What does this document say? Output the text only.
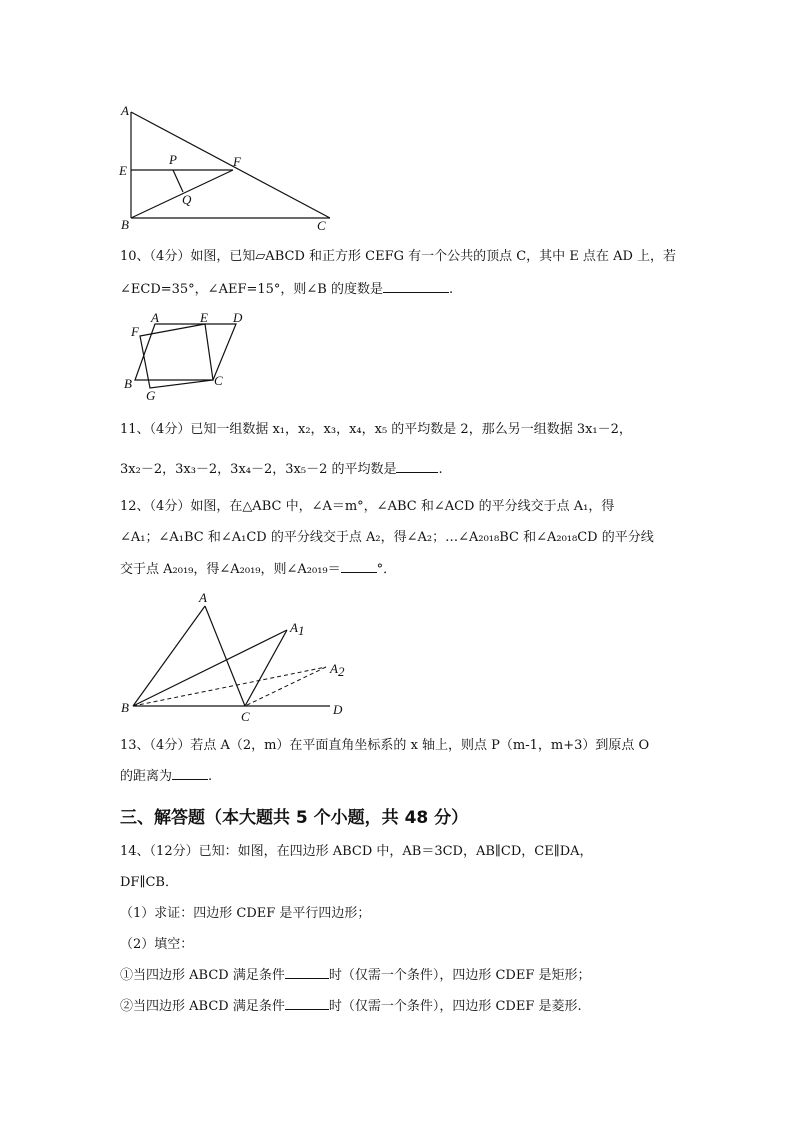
A
E
P	F
Q
B	C
10、（4分）如图，已知▱ABCD 和正方形 CEFG 有一个公共的顶点 C，其中 E 点在 AD 上，若
∠ECD=35°，∠AEF=15°，则∠B 的度数是	.
A	E D
F
B	C
G
11、（4分）已知一组数据 x₁，x₂，x₃，x₄，x₅ 的平均数是 2，那么另一组数据 3x₁－2，
3x₂－2，3x₃－2，3x₄－2，3x₅－2 的平均数是	.
12、（4分）如图，在△ABC 中，∠A＝m°，∠ABC 和∠ACD 的平分线交于点 A₁，得
∠A₁；∠A₁BC 和∠A₁CD 的平分线交于点 A₂，得∠A₂；…∠A₂₀₁₈BC 和∠A₂₀₁₈CD 的平分线
交于点 A₂₀₁₉，得∠A₂₀₁₉，则∠A₂₀₁₉＝	°．
A
A1
A2
B
C	D
13、（4分）若点 A（2，m）在平面直角坐标系的 x 轴上，则点 P（m-1，m+3）到原点 O
的距离为	.
三、解答题（本大题共 5 个小题，共 48 分）
14、（12分）已知：如图，在四边形 ABCD 中，AB＝3CD，AB∥CD，CE∥DA，
DF∥CB．
（1）求证：四边形 CDEF 是平行四边形；
（2）填空：
①当四边形 ABCD 满足条件	时（仅需一个条件），四边形 CDEF 是矩形；
②当四边形 ABCD 满足条件	时（仅需一个条件），四边形 CDEF 是菱形.
